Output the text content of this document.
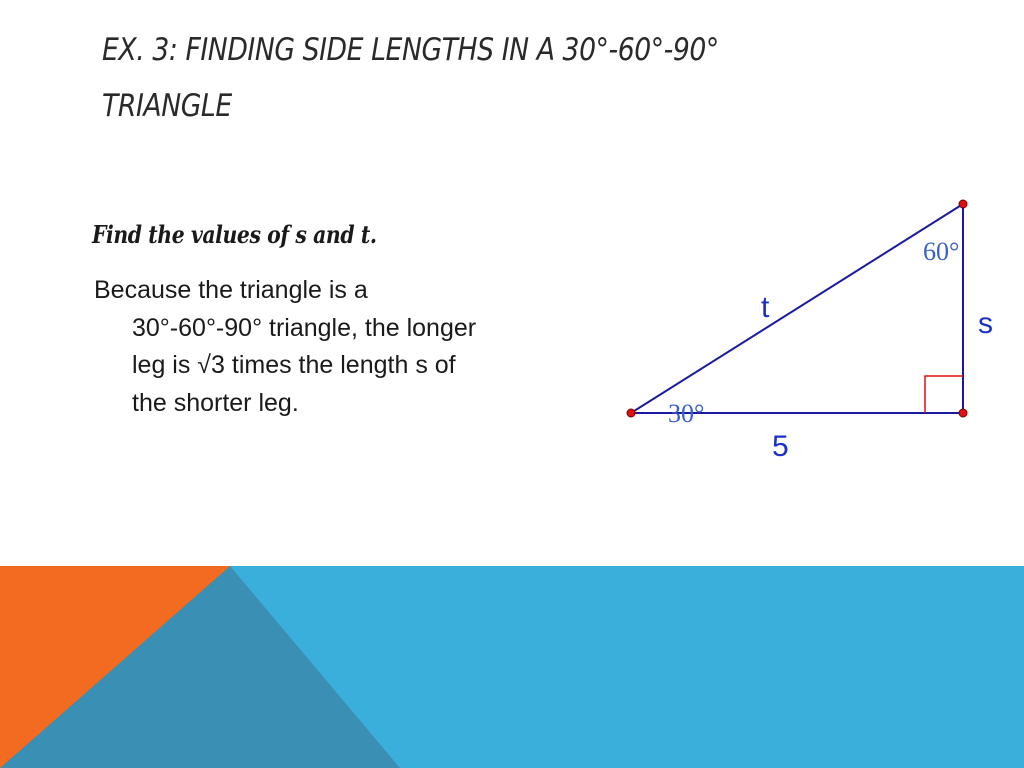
EX. 3: FINDING SIDE LENGTHS IN A 30°-60°-90° TRIANGLE
Find the values of s and t.

Because the triangle is a 30°-60°-90° triangle, the longer leg is √3 times the length s of the shorter leg.

60°
30°
t	s
5
